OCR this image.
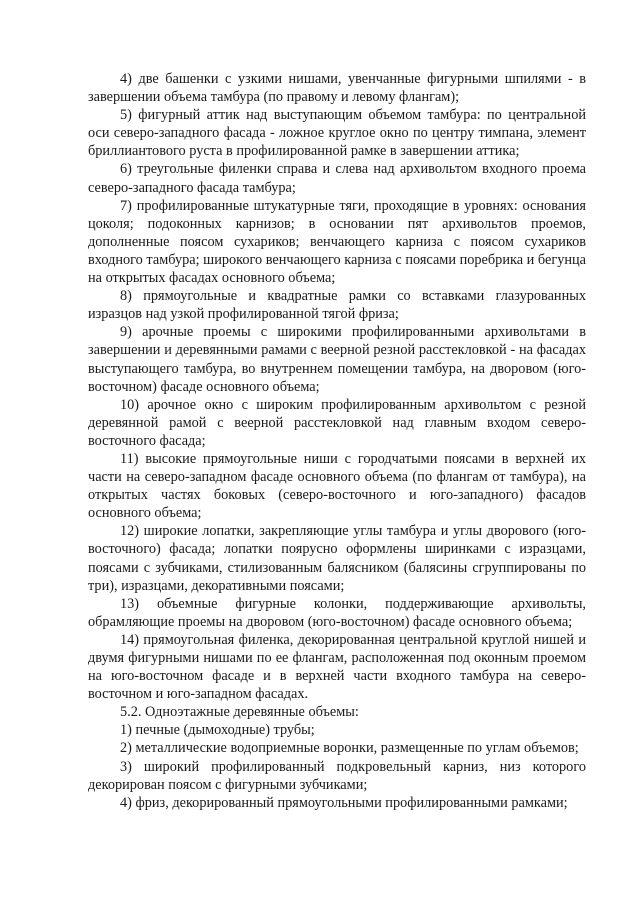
4) две башенки с узкими нишами, увенчанные фигурными шпилями - в завершении объема тамбура (по правому и левому флангам);

5) фигурный аттик над выступающим объемом тамбура: по центральной оси северо-западного фасада - ложное круглое окно по центру тимпана, элемент бриллиантового руста в профилированной рамке в завершении аттика;

6) треугольные филенки справа и слева над архивольтом входного проема северо-западного фасада тамбура;

7) профилированные штукатурные тяги, проходящие в уровнях: основания цоколя; подоконных карнизов; в основании пят архивольтов проемов, дополненные поясом сухариков; венчающего карниза с поясом сухариков входного тамбура; широкого венчающего карниза с поясами поребрика и бегунца на открытых фасадах основного объема;

8) прямоугольные и квадратные рамки со вставками глазурованных изразцов над узкой профилированной тягой фриза;

9) арочные проемы с широкими профилированными архивольтами в завершении и деревянными рамами с веерной резной расстекловкой - на фасадах выступающего тамбура, во внутреннем помещении тамбура, на дворовом (юго-восточном) фасаде основного объема;

10) арочное окно с широким профилированным архивольтом с резной деревянной рамой с веерной расстекловкой над главным входом северо-восточного фасада;

11) высокие прямоугольные ниши с городчатыми поясами в верхней их части на северо-западном фасаде основного объема (по флангам от тамбура), на открытых частях боковых (северо-восточного и юго-западного) фасадов основного объема;

12) широкие лопатки, закрепляющие углы тамбура и углы дворового (юго-восточного) фасада; лопатки поярусно оформлены ширинками с изразцами, поясами с зубчиками, стилизованным балясником (балясины сгруппированы по три), изразцами, декоративными поясами;

13) объемные фигурные колонки, поддерживающие архивольты, обрамляющие проемы на дворовом (юго-восточном) фасаде основного объема;

14) прямоугольная филенка, декорированная центральной круглой нишей и двумя фигурными нишами по ее флангам, расположенная под оконным проемом на юго-восточном фасаде и в верхней части входного тамбура на северо-восточном и юго-западном фасадах.

5.2. Одноэтажные деревянные объемы:

1) печные (дымоходные) трубы;

2) металлические водоприемные воронки, размещенные по углам объемов;

3) широкий профилированный подкровельный карниз, низ которого декорирован поясом с фигурными зубчиками;

4) фриз, декорированный прямоугольными профилированными рамками;
